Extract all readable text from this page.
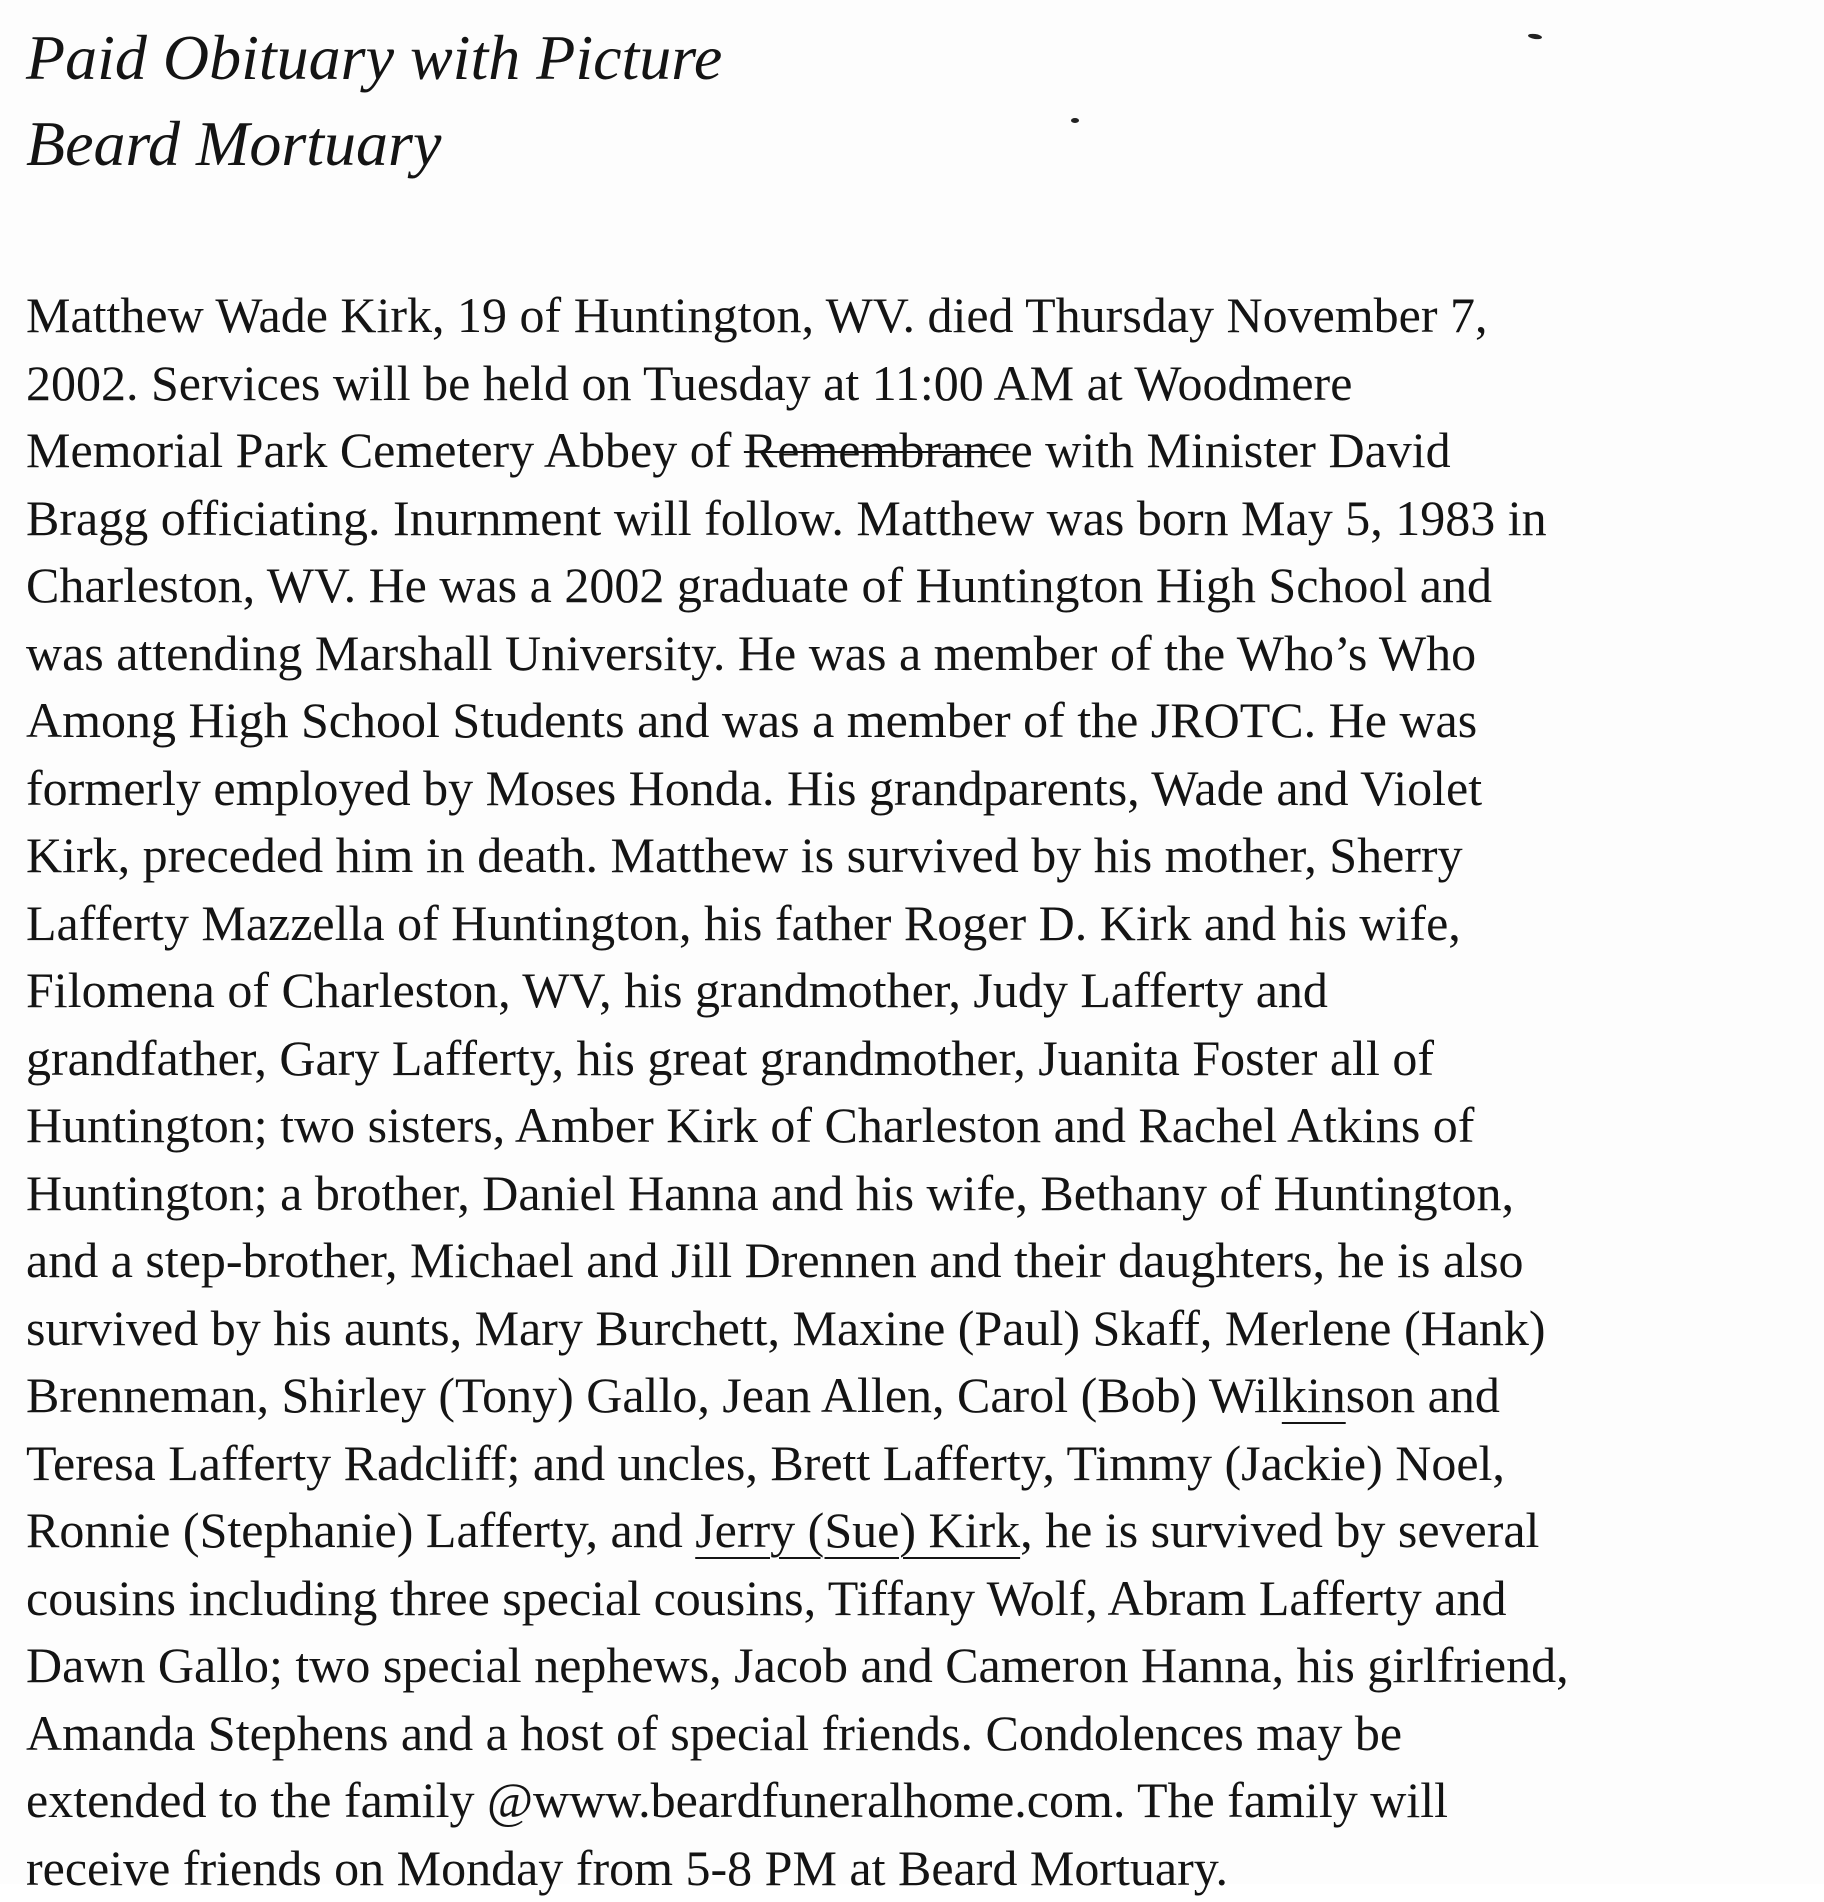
Paid Obituary with Picture
Beard Mortuary
Matthew Wade Kirk, 19 of Huntington, WV. died Thursday November 7,
2002. Services will be held on Tuesday at 11:00 AM at Woodmere
Memorial Park Cemetery Abbey of Remembrance with Minister David
Bragg officiating. Inurnment will follow. Matthew was born May 5, 1983 in
Charleston, WV. He was a 2002 graduate of Huntington High School and
was attending Marshall University. He was a member of the Who’s Who
Among High School Students and was a member of the JROTC. He was
formerly employed by Moses Honda. His grandparents, Wade and Violet
Kirk, preceded him in death. Matthew is survived by his mother, Sherry
Lafferty Mazzella of Huntington, his father Roger D. Kirk and his wife,
Filomena of Charleston, WV, his grandmother, Judy Lafferty and
grandfather, Gary Lafferty, his great grandmother, Juanita Foster all of
Huntington; two sisters, Amber Kirk of Charleston and Rachel Atkins of
Huntington; a brother, Daniel Hanna and his wife, Bethany of Huntington,
and a step-brother, Michael and Jill Drennen and their daughters, he is also
survived by his aunts, Mary Burchett, Maxine (Paul) Skaff, Merlene (Hank)
Brenneman, Shirley (Tony) Gallo, Jean Allen, Carol (Bob) Wilkinson and
Teresa Lafferty Radcliff; and uncles, Brett Lafferty, Timmy (Jackie) Noel,
Ronnie (Stephanie) Lafferty, and Jerry (Sue) Kirk, he is survived by several
cousins including three special cousins, Tiffany Wolf, Abram Lafferty and
Dawn Gallo; two special nephews, Jacob and Cameron Hanna, his girlfriend,
Amanda Stephens and a host of special friends. Condolences may be
extended to the family @www.beardfuneralhome.com. The family will
receive friends on Monday from 5-8 PM at Beard Mortuary.
